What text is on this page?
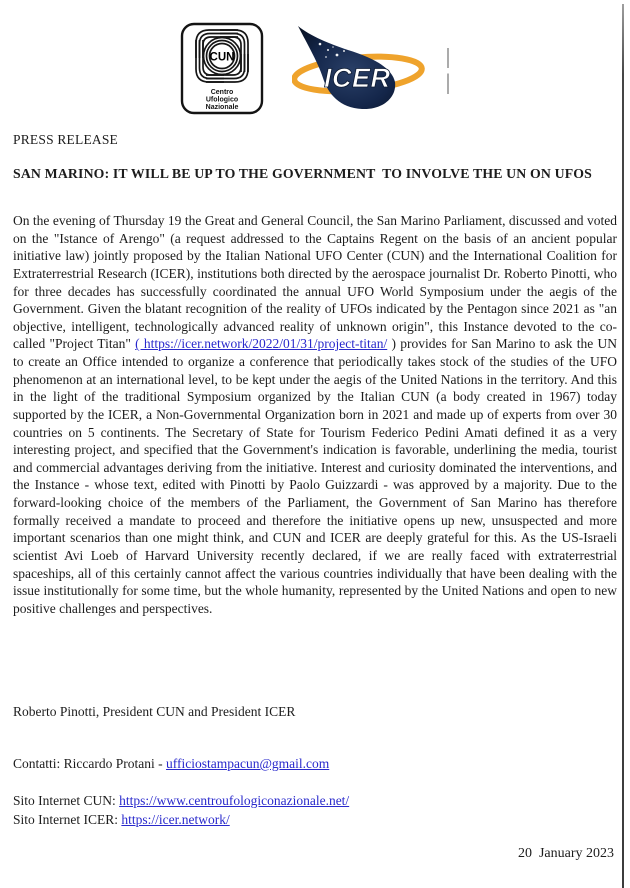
CUN
Centro
Ufologico
Nazionale
ICER
PRESS RELEASE
SAN MARINO: IT WILL BE UP TO THE GOVERNMENT  TO INVOLVE THE UN ON UFOS
On the evening of Thursday 19 the Great and General Council, the San Marino Parliament, discussed and voted on the "Istance of Arengo" (a request addressed to the Captains Regent on the basis of an ancient popular initiative law) jointly proposed by the Italian National UFO Center (CUN) and the International Coalition for Extraterrestrial Research (ICER), institutions both directed by the aerospace journalist Dr. Roberto Pinotti, who for three decades has successfully coordinated the annual UFO World Symposium under the aegis of the Government. Given the blatant recognition of the reality of UFOs indicated by the Pentagon since 2021 as "an objective, intelligent, technologically advanced reality of unknown origin", this Instance devoted to the co-called "Project Titan" ( https://icer.network/2022/01/31/project-titan/ ) provides for San Marino to ask the UN to create an Office intended to organize a conference that periodically takes stock of the studies of the UFO phenomenon at an international level, to be kept under the aegis of the United Nations in the territory. And this in the light of the traditional Symposium organized by the Italian CUN (a body created in 1967) today supported by the ICER, a Non-Governmental Organization born in 2021 and made up of experts from over 30 countries on 5 continents. The Secretary of State for Tourism Federico Pedini Amati defined it as a very interesting project, and specified that the Government's indication is favorable, underlining the media, tourist and commercial advantages deriving from the initiative. Interest and curiosity dominated the interventions, and the Instance - whose text, edited with Pinotti by Paolo Guizzardi - was approved by a majority. Due to the forward-looking choice of the members of the Parliament, the Government of San Marino has therefore formally received a mandate to proceed and therefore the initiative opens up new, unsuspected and more important scenarios than one might think, and CUN and ICER are deeply grateful for this. As the US-Israeli scientist Avi Loeb of Harvard University recently declared, if we are really faced with extraterrestrial spaceships, all of this certainly cannot affect the various countries individually that have been dealing with the issue institutionally for some time, but the whole humanity, represented by the United Nations and open to new positive challenges and perspectives.
Roberto Pinotti, President CUN and President ICER
Contatti: Riccardo Protani - ufficiostampacun@gmail.com
Sito Internet CUN: https://www.centroufologiconazionale.net/
Sito Internet ICER: https://icer.network/
20  January 2023
